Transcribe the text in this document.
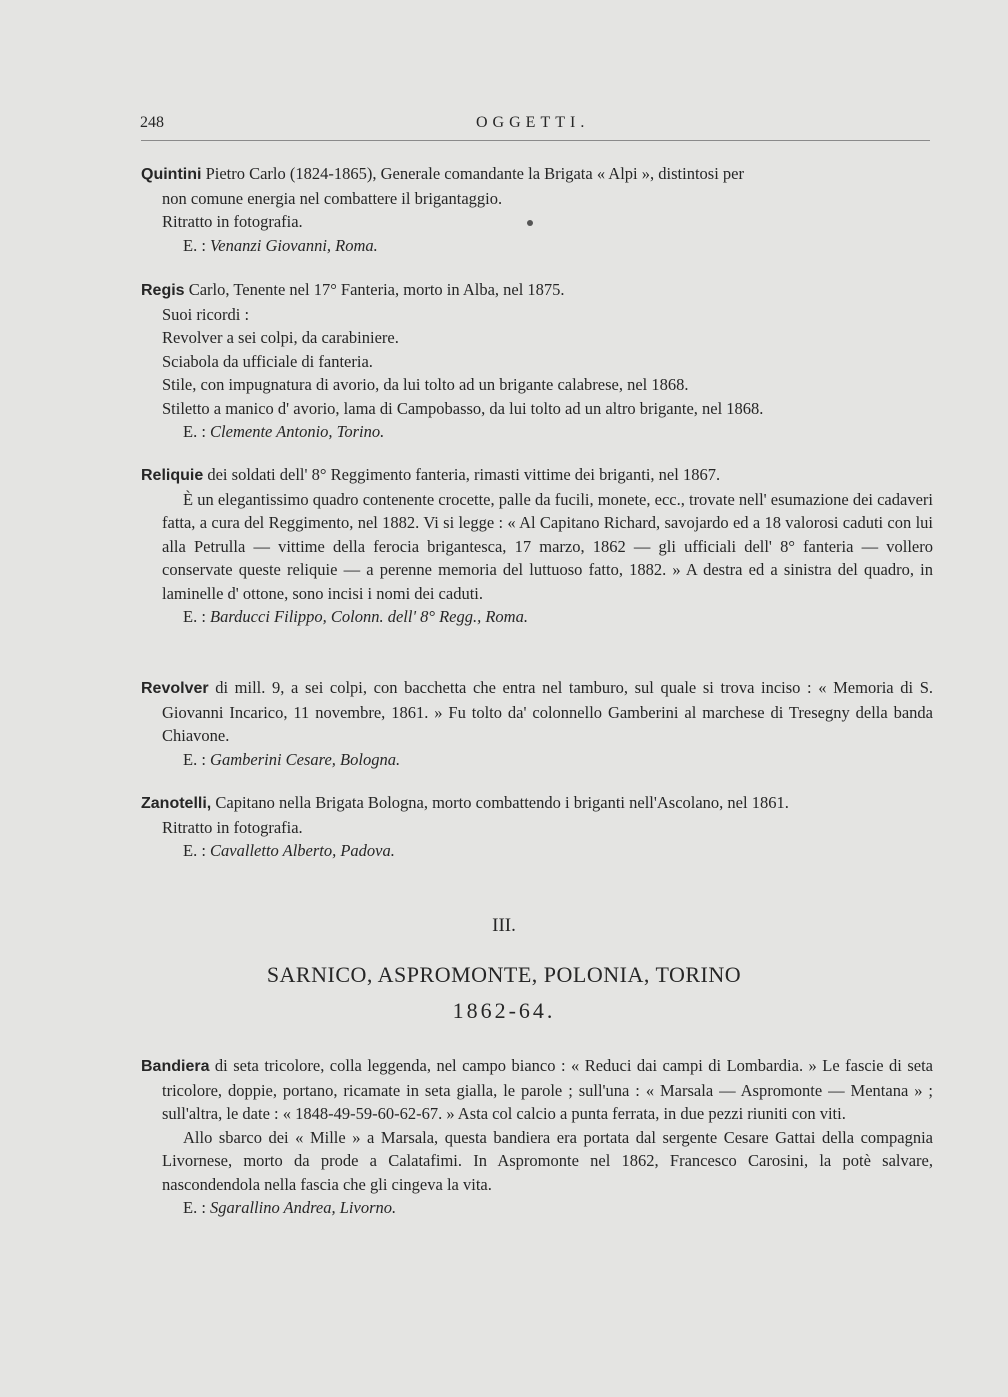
248	OGGETTI.

Quintini Pietro Carlo (1824-1865), Generale comandante la Brigata « Alpi », distintosi per
non comune energia nel combattere il brigantaggio.

Ritratto in fotografia.

E. : Venanzi Giovanni, Roma.

Regis Carlo, Tenente nel 17° Fanteria, morto in Alba, nel 1875.

Suoi ricordi :

Revolver a sei colpi, da carabiniere.

Sciabola da ufficiale di fanteria.

Stile, con impugnatura di avorio, da lui tolto ad un brigante calabrese, nel 1868.

Stiletto a manico d' avorio, lama di Campobasso, da lui tolto ad un altro brigante, nel 1868.

E. : Clemente Antonio, Torino.

Reliquie dei soldati dell' 8° Reggimento fanteria, rimasti vittime dei briganti, nel 1867.

È un elegantissimo quadro contenente crocette, palle da fucili, monete, ecc., trovate nell' esumazione dei cadaveri fatta, a cura del Reggimento, nel 1882. Vi si legge : « Al Capitano Richard, savojardo ed a 18 valorosi caduti con lui alla Petrulla — vittime della ferocia brigantesca, 17 marzo, 1862 — gli ufficiali dell' 8° fanteria — vollero conservate queste reliquie — a perenne memoria del luttuoso fatto, 1882. » A destra ed a sinistra del quadro, in laminelle d' ottone, sono incisi i nomi dei caduti.

E. : Barducci Filippo, Colonn. dell' 8° Regg., Roma.

Revolver di mill. 9, a sei colpi, con bacchetta che entra nel tamburo, sul quale si trova inciso : « Memoria di S. Giovanni Incarico, 11 novembre, 1861. » Fu tolto da' colonnello Gamberini al marchese di Tresegny della banda Chiavone.

E. : Gamberini Cesare, Bologna.

Zanotelli, Capitano nella Brigata Bologna, morto combattendo i briganti nell'Ascolano, nel 1861.

Ritratto in fotografia.

E. : Cavalletto Alberto, Padova.

III.
SARNICO, ASPROMONTE, POLONIA, TORINO
1862-64.

Bandiera di seta tricolore, colla leggenda, nel campo bianco : « Reduci dai campi di Lombardia. » Le fascie di seta tricolore, doppie, portano, ricamate in seta gialla, le parole ; sull'una : « Marsala — Aspromonte — Mentana » ; sull'altra, le date : « 1848-49-59-60-62-67. » Asta col calcio a punta ferrata, in due pezzi riuniti con viti.

Allo sbarco dei « Mille » a Marsala, questa bandiera era portata dal sergente Cesare Gattai della compagnia Livornese, morto da prode a Calatafimi. In Aspromonte nel 1862, Francesco Carosini, la potè salvare, nascondendola nella fascia che gli cingeva la vita.

E. : Sgarallino Andrea, Livorno.
